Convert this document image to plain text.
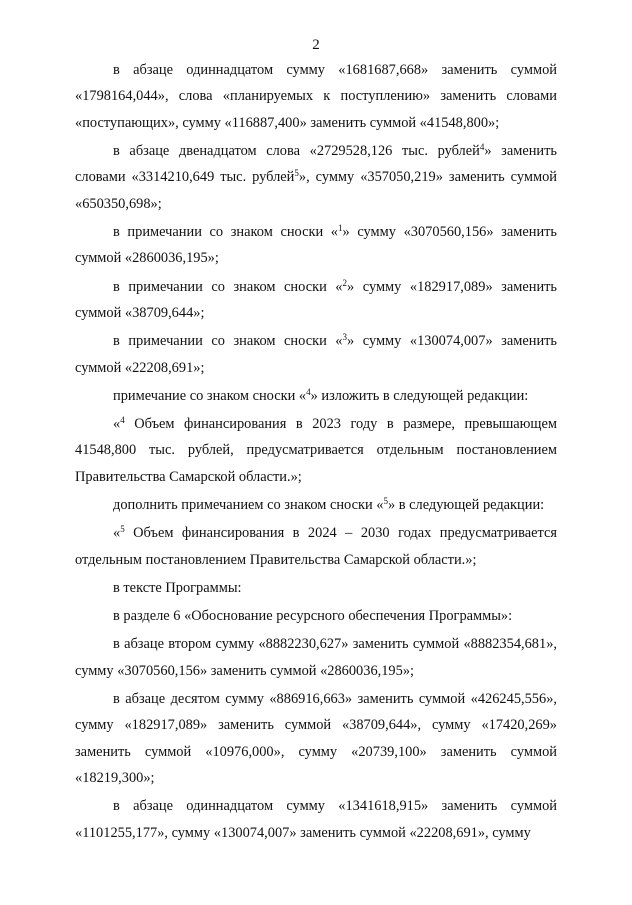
2

в абзаце одиннадцатом сумму «1681687,668» заменить суммой «1798164,044», слова «планируемых к поступлению» заменить словами «поступающих», сумму «116887,400» заменить суммой «41548,800»;

в абзаце двенадцатом слова «2729528,126 тыс. рублей$^4$» заменить словами «3314210,649 тыс. рублей$^5$», сумму «357050,219» заменить суммой «650350,698»;

в примечании со знаком сноски «$^1$» сумму «3070560,156» заменить суммой «2860036,195»;

в примечании со знаком сноски «$^2$» сумму «182917,089» заменить суммой «38709,644»;

в примечании со знаком сноски «$^3$» сумму «130074,007» заменить суммой «22208,691»;

примечание со знаком сноски «$^4$» изложить в следующей редакции:

«$^4$ Объем финансирования в 2023 году в размере, превышающем 41548,800 тыс. рублей, предусматривается отдельным постановлением Правительства Самарской области.»;

дополнить примечанием со знаком сноски «$^5$» в следующей редакции:

«$^5$ Объем финансирования в 2024 – 2030 годах предусматривается отдельным постановлением Правительства Самарской области.»;

в тексте Программы:

в разделе 6 «Обоснование ресурсного обеспечения Программы»:

в абзаце втором сумму «8882230,627» заменить суммой «8882354,681», сумму «3070560,156» заменить суммой «2860036,195»;

в абзаце десятом сумму «886916,663» заменить суммой «426245,556», сумму «182917,089» заменить суммой «38709,644», сумму «17420,269» заменить суммой «10976,000», сумму «20739,100» заменить суммой «18219,300»;

в абзаце одиннадцатом сумму «1341618,915» заменить суммой «1101255,177», сумму «130074,007» заменить суммой «22208,691», сумму
